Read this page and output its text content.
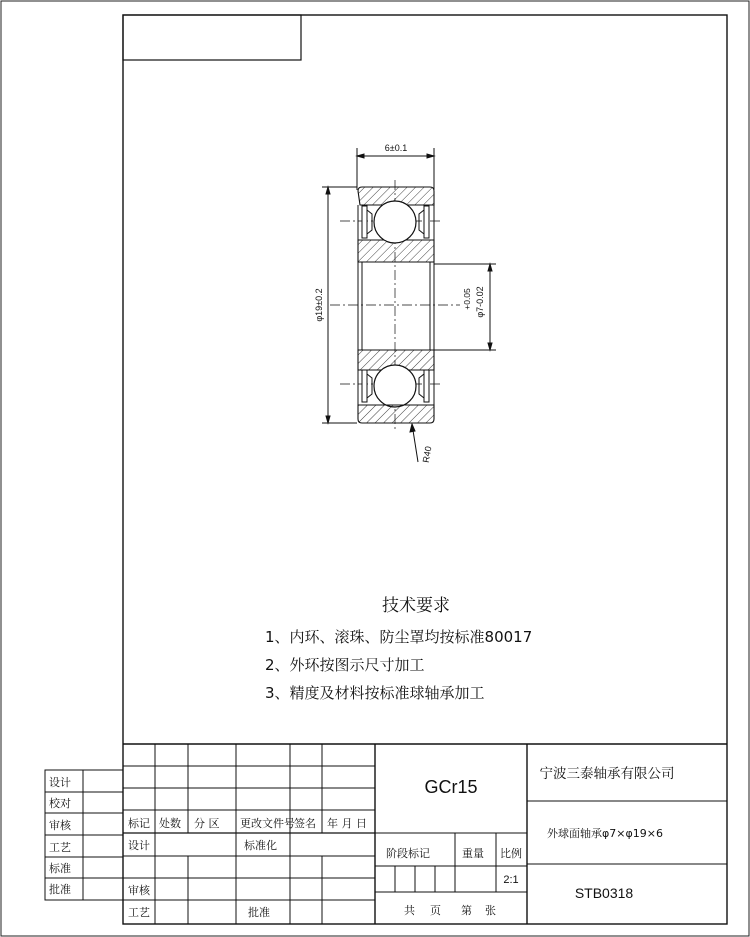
6±0.1
φ19±0.2	+0.05 φ7-0.02
R40
技术要求
1、内环、滚珠、防尘罩均按标准80017
2、外环按图示尺寸加工
3、精度及材料按标准球轴承加工
设计
校对
审核
工艺
标准
批准
标记 处数 分 区 更改文件号 签名 年 月 日
设计	标准化
审核
工艺	批准
GCr15
阶段标记	重量 比例
2:1
共 页 第 张
宁波三泰轴承有限公司
外球面轴承φ7×φ19×6
STB0318
